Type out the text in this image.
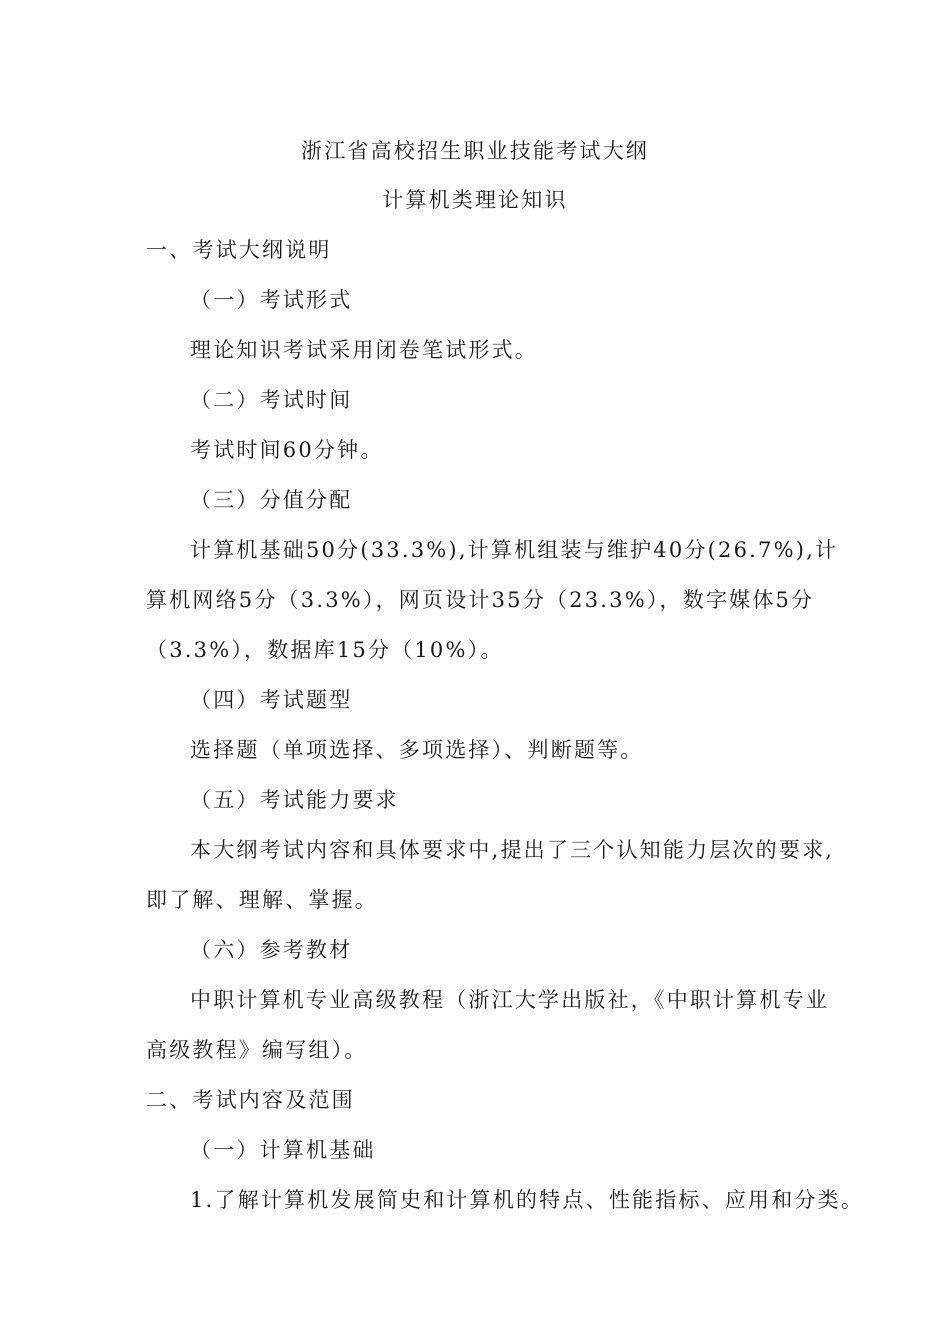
浙江省高校招生职业技能考试大纲
计算机类理论知识
一、考试大纲说明
（一）考试形式
理论知识考试采用闭卷笔试形式。
（二）考试时间
考试时间60分钟。
（三）分值分配
计算机基础50分(33.3%),计算机组装与维护40分(26.7%),计
算机网络5分（3.3%），网页设计35分（23.3%），数字媒体5分
（3.3%），数据库15分（10%）。
（四）考试题型
选择题（单项选择、多项选择）、判断题等。
（五）考试能力要求
本大纲考试内容和具体要求中,提出了三个认知能力层次的要求,
即了解、理解、掌握。
（六）参考教材
中职计算机专业高级教程（浙江大学出版社，《中职计算机专业
高级教程》编写组）。
二、考试内容及范围
（一）计算机基础
1.了解计算机发展简史和计算机的特点、性能指标、应用和分类。
